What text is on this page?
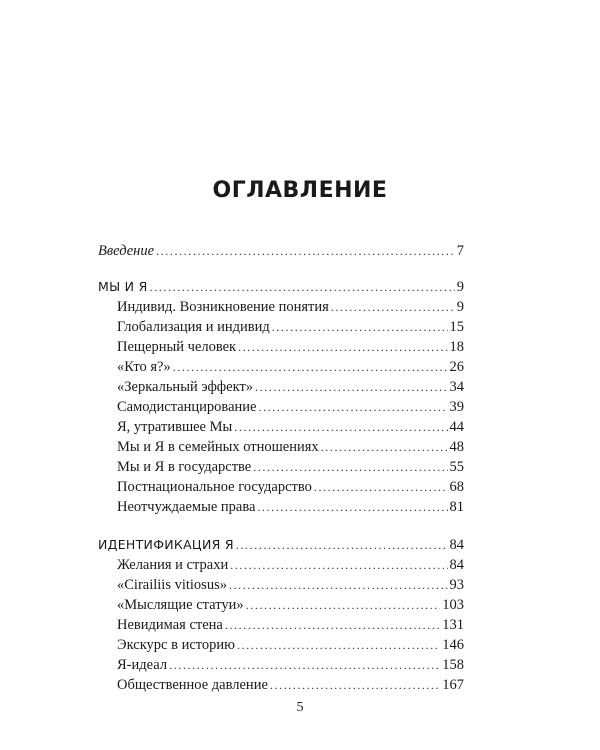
ОГЛАВЛЕНИЕ
Введение .....	7
МЫ И Я .....	9
Индивид. Возникновение понятия .....	9
Глобализация и индивид .....	15
Пещерный человек .....	18
«Кто я?» .....	26
«Зеркальный эффект» .....	34
Самодистанцирование .....	39
Я, утратившее Мы .....	44
Мы и Я в семейных отношениях .....	48
Мы и Я в государстве .....	55
Постнациональное государство .....	68
Неотчуждаемые права .....	81
ИДЕНТИФИКАЦИЯ Я .....	84
Желания и страхи .....	84
«Cirailiis vitiosus» .....	93
«Мыслящие статуи» .....	103
Невидимая стена .....	131
Экскурс в историю .....	146
Я-идеал .....	158
Общественное давление .....	167
5
